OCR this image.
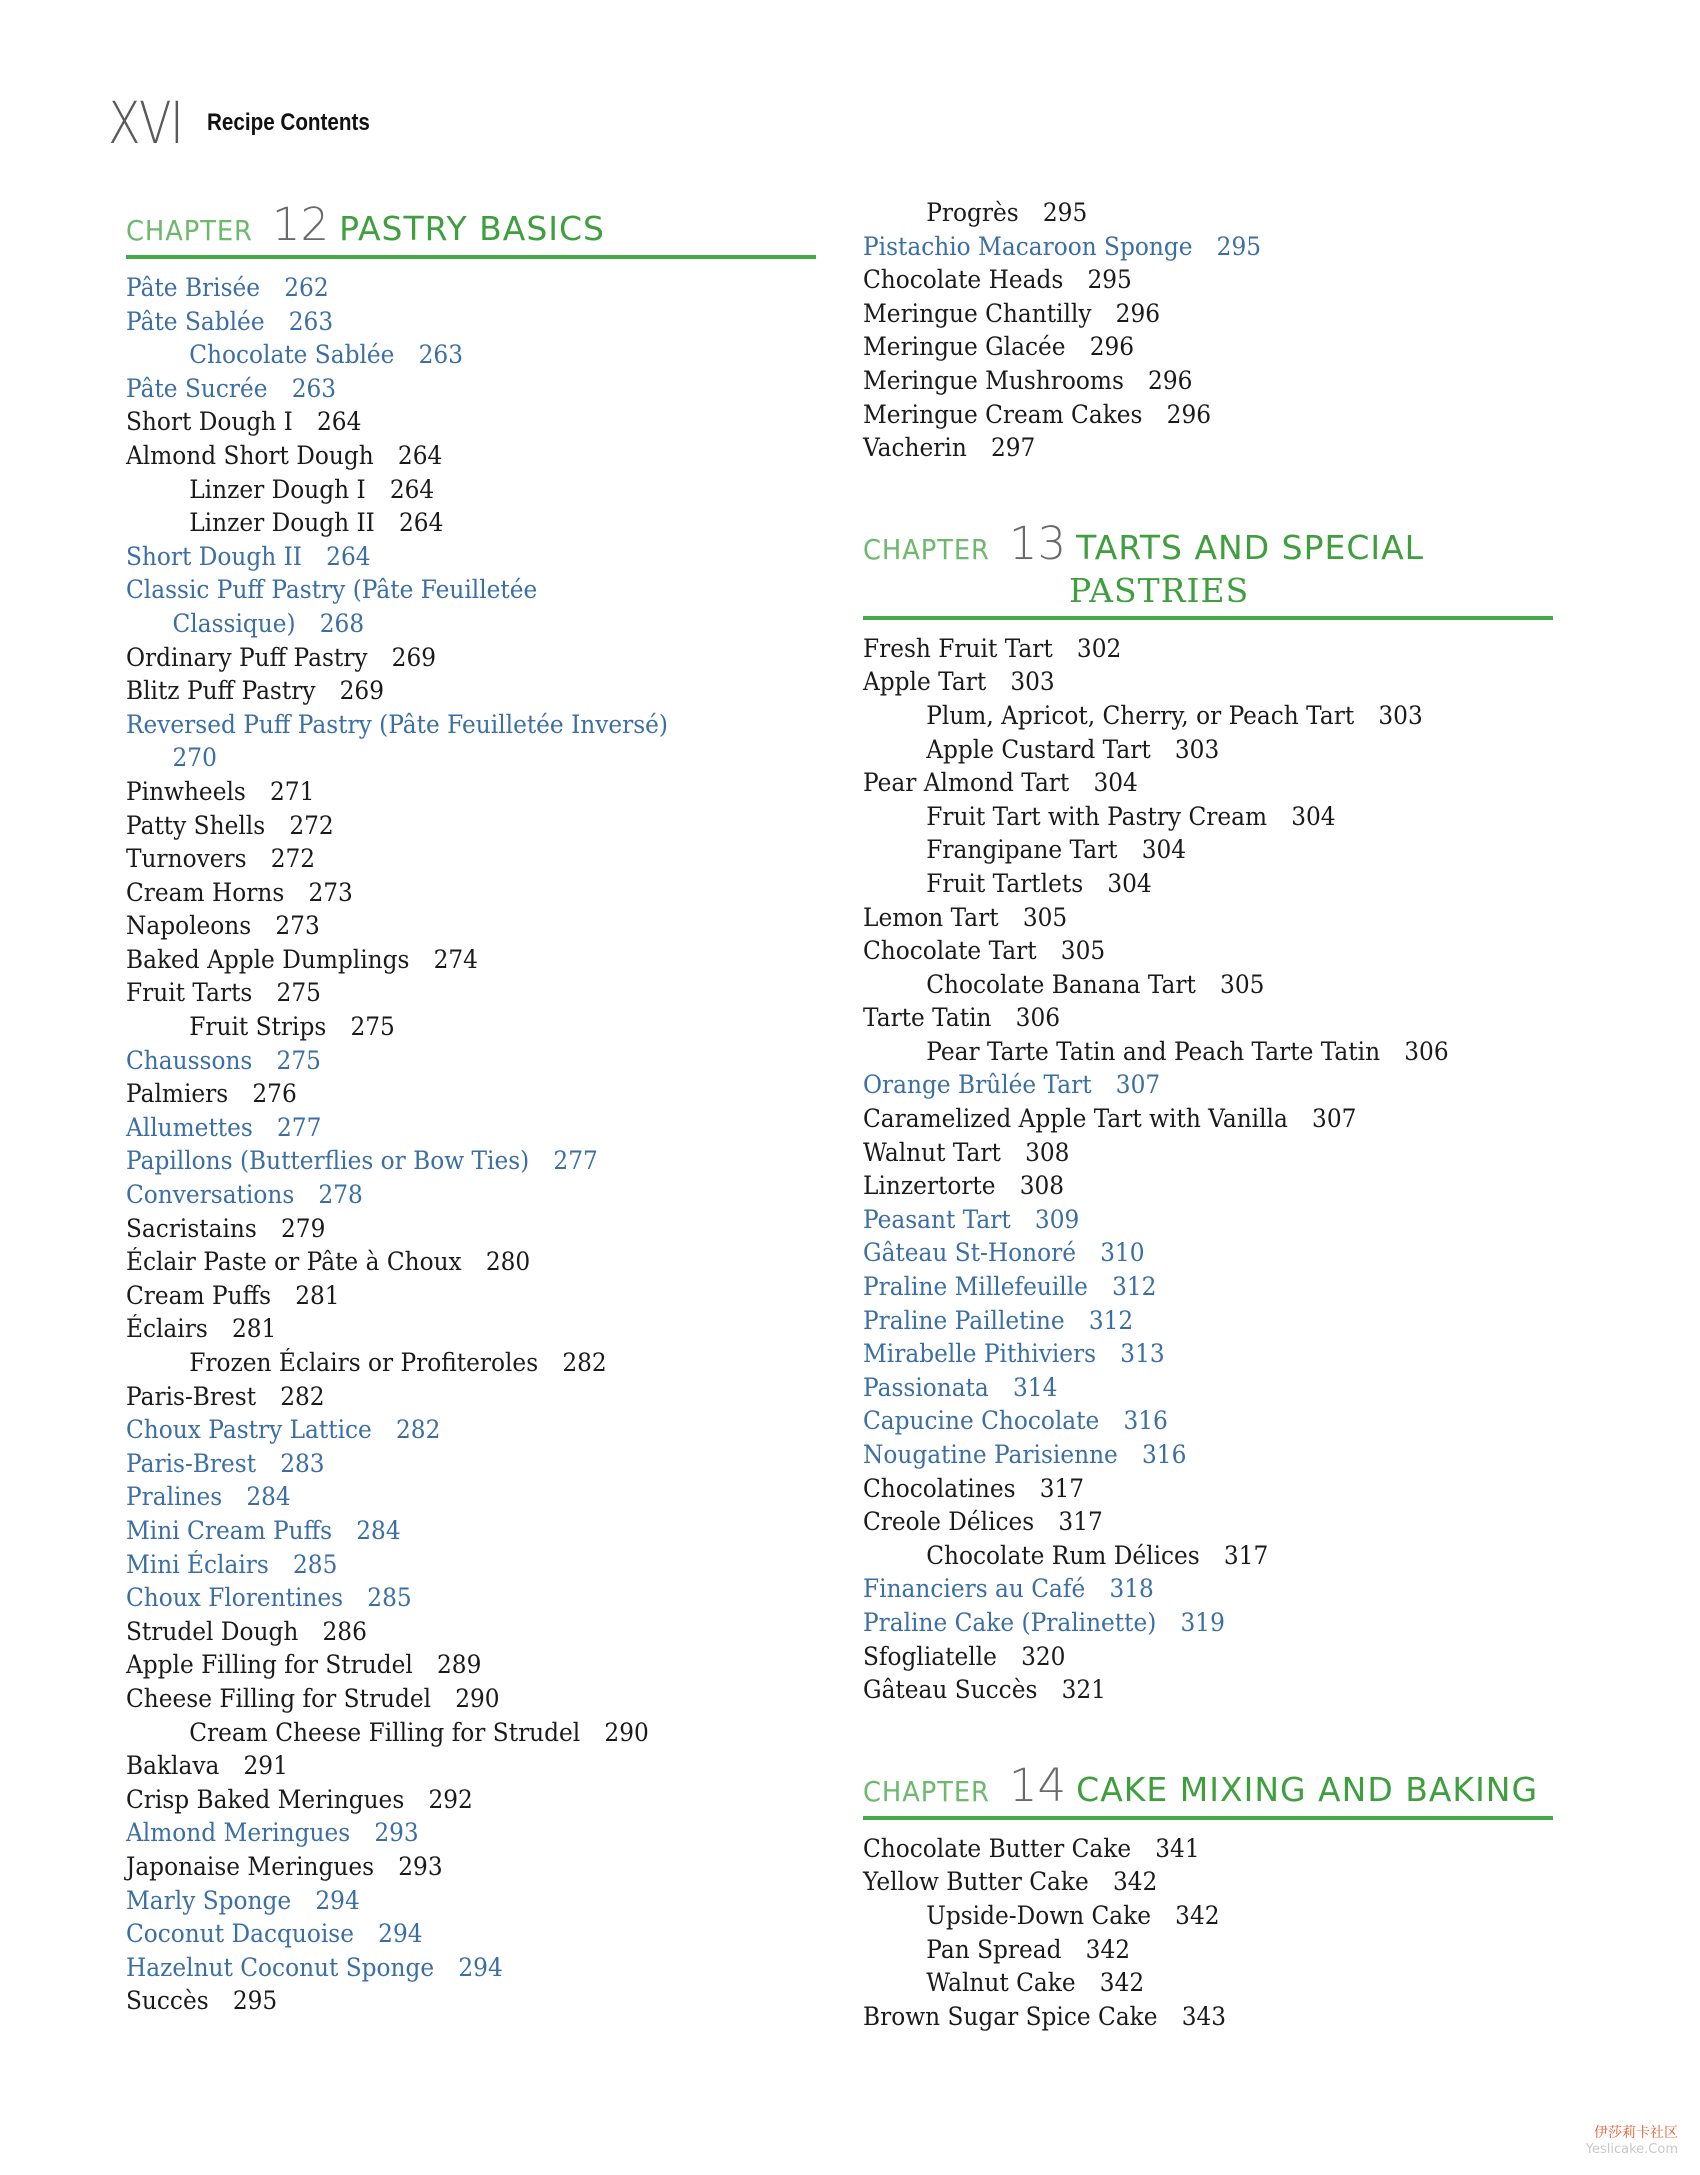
XVI Recipe Contents
CHAPTER 12 PASTRY BASICS
Pâte Brisée 262
Pâte Sablée 263
Chocolate Sablée 263
Pâte Sucrée 263
Short Dough I 264
Almond Short Dough 264
Linzer Dough I 264
Linzer Dough II 264
Short Dough II 264
Classic Puff Pastry (Pâte Feuilletée
Classique) 268
Ordinary Puff Pastry 269
Blitz Puff Pastry 269
Reversed Puff Pastry (Pâte Feuilletée Inversé)
270
Pinwheels 271
Patty Shells 272
Turnovers 272
Cream Horns 273
Napoleons 273
Baked Apple Dumplings 274
Fruit Tarts 275
Fruit Strips 275
Chaussons 275
Palmiers 276
Allumettes 277
Papillons (Butterflies or Bow Ties) 277
Conversations 278
Sacristains 279
Éclair Paste or Pâte à Choux 280
Cream Puffs 281
Éclairs 281
Frozen Éclairs or Profiteroles 282
Paris-Brest 282
Choux Pastry Lattice 282
Paris-Brest 283
Pralines 284
Mini Cream Puffs 284
Mini Éclairs 285
Choux Florentines 285
Strudel Dough 286
Apple Filling for Strudel 289
Cheese Filling for Strudel 290
Cream Cheese Filling for Strudel 290
Baklava 291
Crisp Baked Meringues 292
Almond Meringues 293
Japonaise Meringues 293
Marly Sponge 294
Coconut Dacquoise 294
Hazelnut Coconut Sponge 294
Succès 295
Progrès 295
Pistachio Macaroon Sponge 295
Chocolate Heads 295
Meringue Chantilly 296
Meringue Glacée 296
Meringue Mushrooms 296
Meringue Cream Cakes 296
Vacherin 297
CHAPTER 13 TARTS AND SPECIAL
PASTRIES
Fresh Fruit Tart 302
Apple Tart 303
Plum, Apricot, Cherry, or Peach Tart 303
Apple Custard Tart 303
Pear Almond Tart 304
Fruit Tart with Pastry Cream 304
Frangipane Tart 304
Fruit Tartlets 304
Lemon Tart 305
Chocolate Tart 305
Chocolate Banana Tart 305
Tarte Tatin 306
Pear Tarte Tatin and Peach Tarte Tatin 306
Orange Brûlée Tart 307
Caramelized Apple Tart with Vanilla 307
Walnut Tart 308
Linzertorte 308
Peasant Tart 309
Gâteau St-Honoré 310
Praline Millefeuille 312
Praline Pailletine 312
Mirabelle Pithiviers 313
Passionata 314
Capucine Chocolate 316
Nougatine Parisienne 316
Chocolatines 317
Creole Délices 317
Chocolate Rum Délices 317
Financiers au Café 318
Praline Cake (Pralinette) 319
Sfogliatelle 320
Gâteau Succès 321
CHAPTER 14 CAKE MIXING AND BAKING
Chocolate Butter Cake 341
Yellow Butter Cake 342
Upside-Down Cake 342
Pan Spread 342
Walnut Cake 342
Brown Sugar Spice Cake 343
伊莎莉卡社区
Yeslicake.Com
